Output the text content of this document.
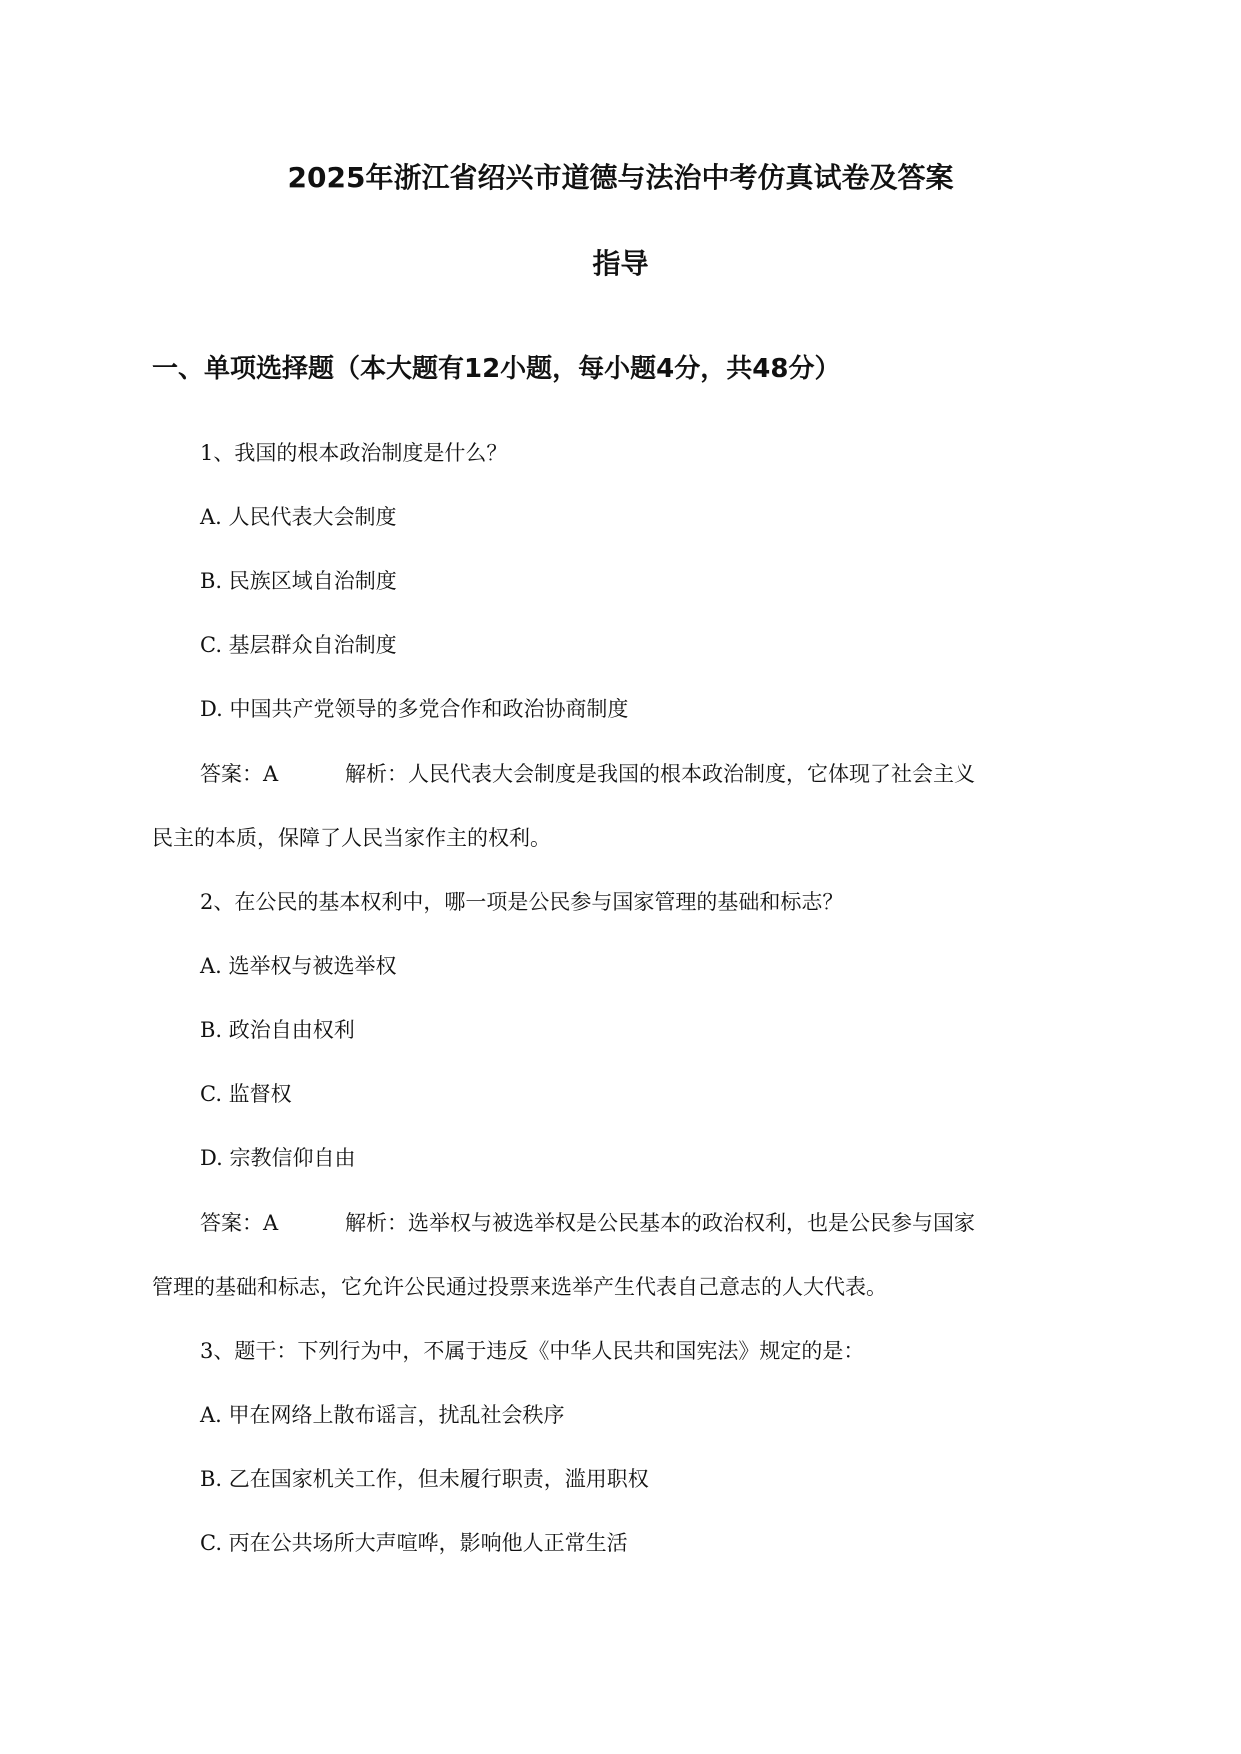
2025年浙江省绍兴市道德与法治中考仿真试卷及答案
指导
一、单项选择题（本大题有12小题，每小题4分，共48分）
1、我国的根本政治制度是什么？
A. 人民代表大会制度
B. 民族区域自治制度
C. 基层群众自治制度
D. 中国共产党领导的多党合作和政治协商制度
答案：A	解析：人民代表大会制度是我国的根本政治制度，它体现了社会主义
民主的本质，保障了人民当家作主的权利。
2、在公民的基本权利中，哪一项是公民参与国家管理的基础和标志？
A. 选举权与被选举权
B. 政治自由权利
C. 监督权
D. 宗教信仰自由
答案：A	解析：选举权与被选举权是公民基本的政治权利，也是公民参与国家
管理的基础和标志，它允许公民通过投票来选举产生代表自己意志的人大代表。
3、题干：下列行为中，不属于违反《中华人民共和国宪法》规定的是：
A. 甲在网络上散布谣言，扰乱社会秩序
B. 乙在国家机关工作，但未履行职责，滥用职权
C. 丙在公共场所大声喧哗，影响他人正常生活
